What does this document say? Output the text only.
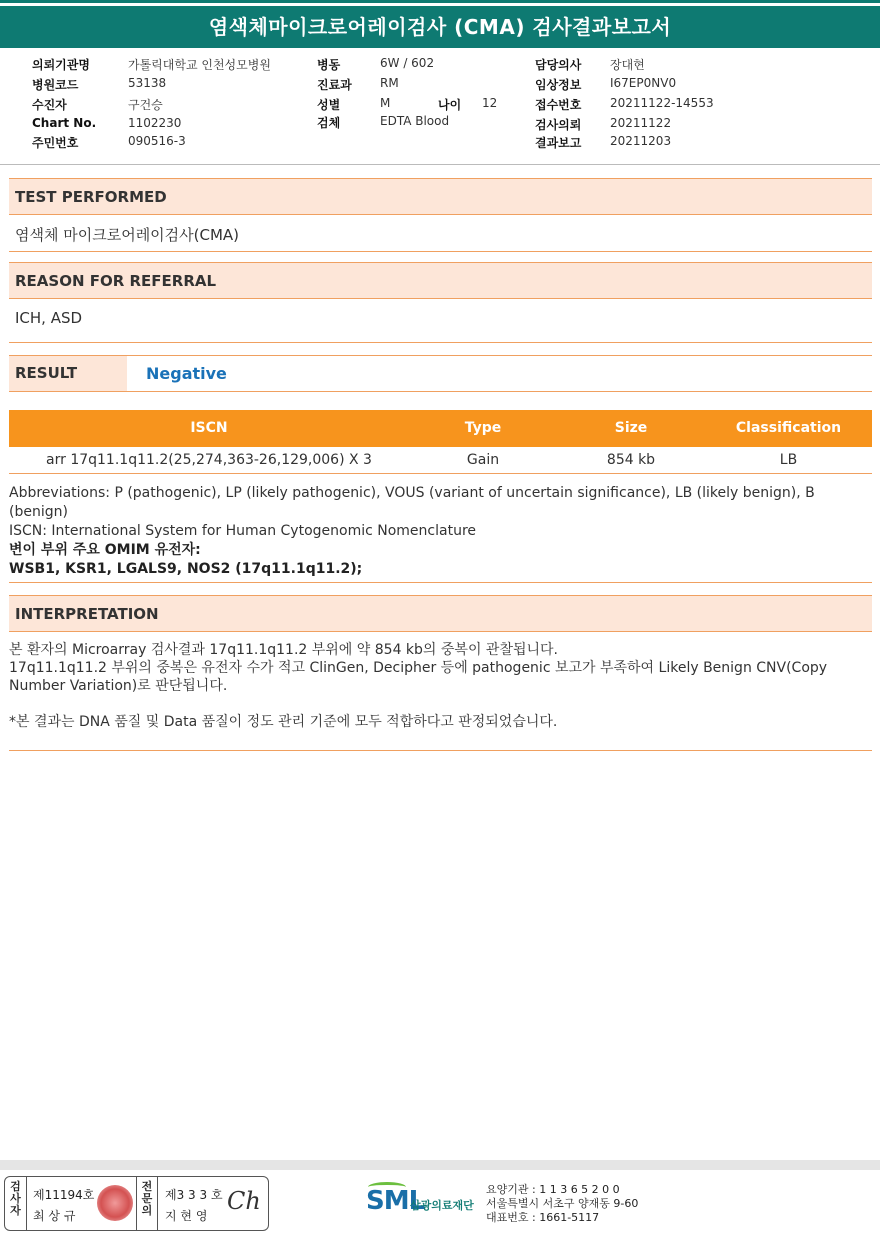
염색체마이크로어레이검사 (CMA) 검사결과보고서
의뢰기관명	가톨릭대학교 인천성모병원
병원코드	53138
수진자	구건승
Chart No.	1102230
주민번호	090516-3
병동	6W / 602
진료과 RM
성별	M	나이 12
검체	EDTA Blood
담당의사 장대현
임상정보 I67EP0NV0
접수번호 20211122-14553
검사의뢰 20211122
결과보고 20211203
TEST PERFORMED
염색체 마이크로어레이검사(CMA)
REASON FOR REFERRAL
ICH, ASD
RESULT	Negative
ISCN	Type	Size	Classification
arr 17q11.1q11.2(25,274,363-26,129,006) X 3	Gain	854 kb	LB
Abbreviations: P (pathogenic), LP (likely pathogenic), VOUS (variant of uncertain significance), LB (likely benign), B (benign)
ISCN: International System for Human Cytogenomic Nomenclature
변이 부위 주요 OMIM 유전자:
WSB1, KSR1, LGALS9, NOS2 (17q11.1q11.2);
INTERPRETATION

본 환자의 Microarray 검사결과 17q11.1q11.2 부위에 약 854 kb의 중복이 관찰됩니다.

17q11.1q11.2 부위의 중복은 유전자 수가 적고 ClinGen, Decipher 등에 pathogenic 보고가 부족하여 Likely Benign CNV(Copy Number Variation)로 판단됩니다.

*본 결과는 DNA 품질 및 Data 품질이 정도 관리 기준에 모두 적합하다고 판정되었습니다.

검사자
제11194호
최 상 규
전문의
제3 3 3 호
지 현 영
Ch	SML
삼광의료재단
요양기관 : 1 1 3 6 5 2 0 0
서울특별시 서초구 양재동 9-60
대표번호 : 1661-5117
